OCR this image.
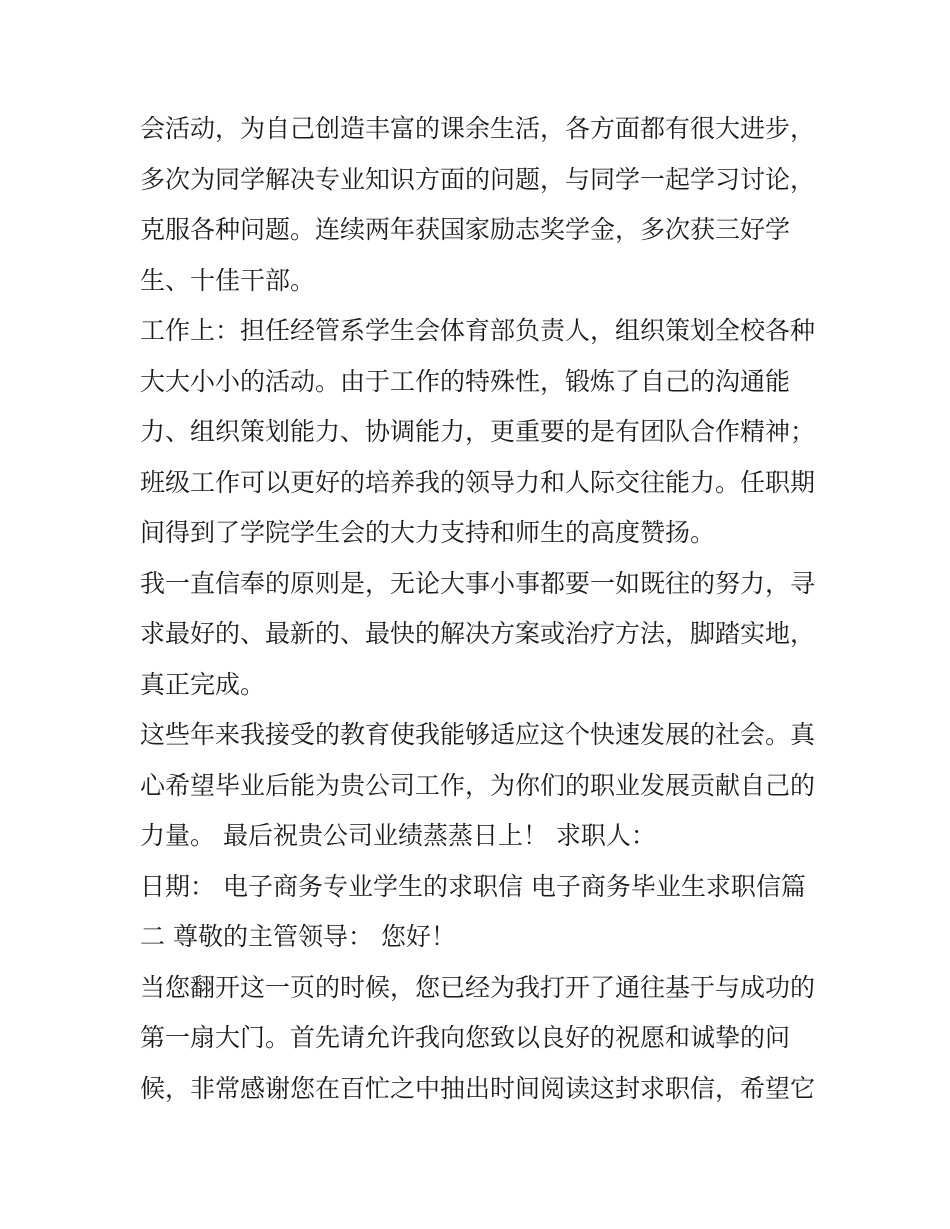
会活动，为自己创造丰富的课余生活，各方面都有很大进步，
多次为同学解决专业知识方面的问题，与同学一起学习讨论，
克服各种问题。连续两年获国家励志奖学金，多次获三好学
生、十佳干部。
工作上：担任经管系学生会体育部负责人，组织策划全校各种
大大小小的活动。由于工作的特殊性，锻炼了自己的沟通能
力、组织策划能力、协调能力，更重要的是有团队合作精神；
班级工作可以更好的培养我的领导力和人际交往能力。任职期
间得到了学院学生会的大力支持和师生的高度赞扬。
我一直信奉的原则是，无论大事小事都要一如既往的努力，寻
求最好的、最新的、最快的解决方案或治疗方法，脚踏实地，
真正完成。
这些年来我接受的教育使我能够适应这个快速发展的社会。真
心希望毕业后能为贵公司工作，为你们的职业发展贡献自己的
力量。 最后祝贵公司业绩蒸蒸日上！ 求职人：
日期： 电子商务专业学生的求职信 电子商务毕业生求职信篇
二 尊敬的主管领导： 您好！
当您翻开这一页的时候，您已经为我打开了通往基于与成功的
第一扇大门。首先请允许我向您致以良好的祝愿和诚挚的问
候，非常感谢您在百忙之中抽出时间阅读这封求职信，希望它
